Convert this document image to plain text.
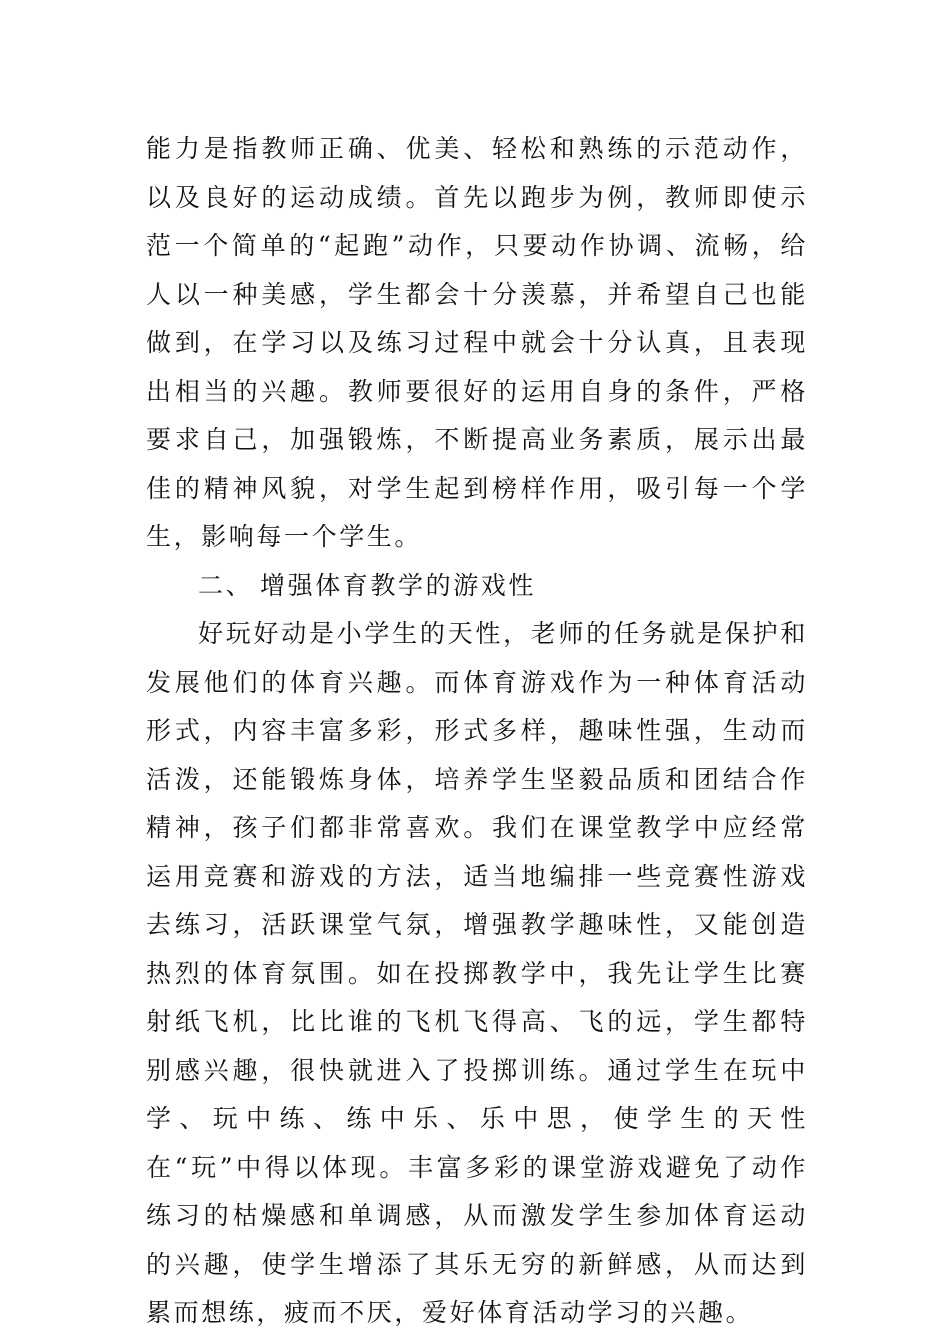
能力是指教师正确、优美、轻松和熟练的示范动作，以及良好的运动成绩。首先以跑步为例，教师即使示范一个简单的“起跑”动作，只要动作协调、流畅，给人以一种美感，学生都会十分羡慕，并希望自己也能做到，在学习以及练习过程中就会十分认真，且表现出相当的兴趣。教师要很好的运用自身的条件，严格要求自己，加强锻炼，不断提高业务素质，展示出最佳的精神风貌，对学生起到榜样作用，吸引每一个学生，影响每一个学生。

二、 增强体育教学的游戏性

好玩好动是小学生的天性，老师的任务就是保护和发展他们的体育兴趣。而体育游戏作为一种体育活动形式，内容丰富多彩，形式多样，趣味性强，生动而活泼，还能锻炼身体，培养学生坚毅品质和团结合作精神，孩子们都非常喜欢。我们在课堂教学中应经常运用竞赛和游戏的方法，适当地编排一些竞赛性游戏去练习，活跃课堂气氛，增强教学趣味性，又能创造热烈的体育氛围。如在投掷教学中，我先让学生比赛射纸飞机，比比谁的飞机飞得高、飞的远，学生都特别感兴趣，很快就进入了投掷训练。通过学生在玩中学、玩中练、练中乐、乐中思，使学生的天性在“玩”中得以体现。丰富多彩的课堂游戏避免了动作练习的枯燥感和单调感，从而激发学生参加体育运动的兴趣，使学生增添了其乐无穷的新鲜感，从而达到累而想练，疲而不厌，爱好体育活动学习的兴趣。
